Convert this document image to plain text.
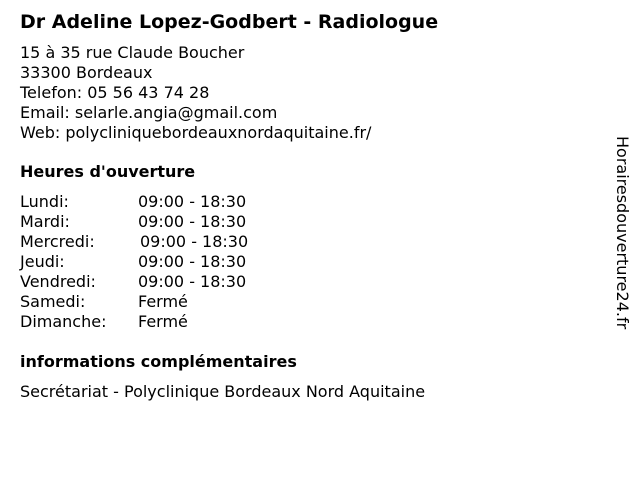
Dr Adeline Lopez-Godbert - Radiologue
15 à 35 rue Claude Boucher
33300 Bordeaux
Telefon: 05 56 43 74 28
Email: selarle.angia@gmail.com
Web: polycliniquebordeauxnordaquitaine.fr/
Heures d'ouverture
Lundi:	09:00 - 18:30
Mardi:	09:00 - 18:30
Mercredi:	09:00 - 18:30
Jeudi:	09:00 - 18:30
Vendredi:	09:00 - 18:30
Samedi:	Fermé
Dimanche:	Fermé
informations complémentaires
Secrétariat - Polyclinique Bordeaux Nord Aquitaine
Horairesdouverture24.fr
